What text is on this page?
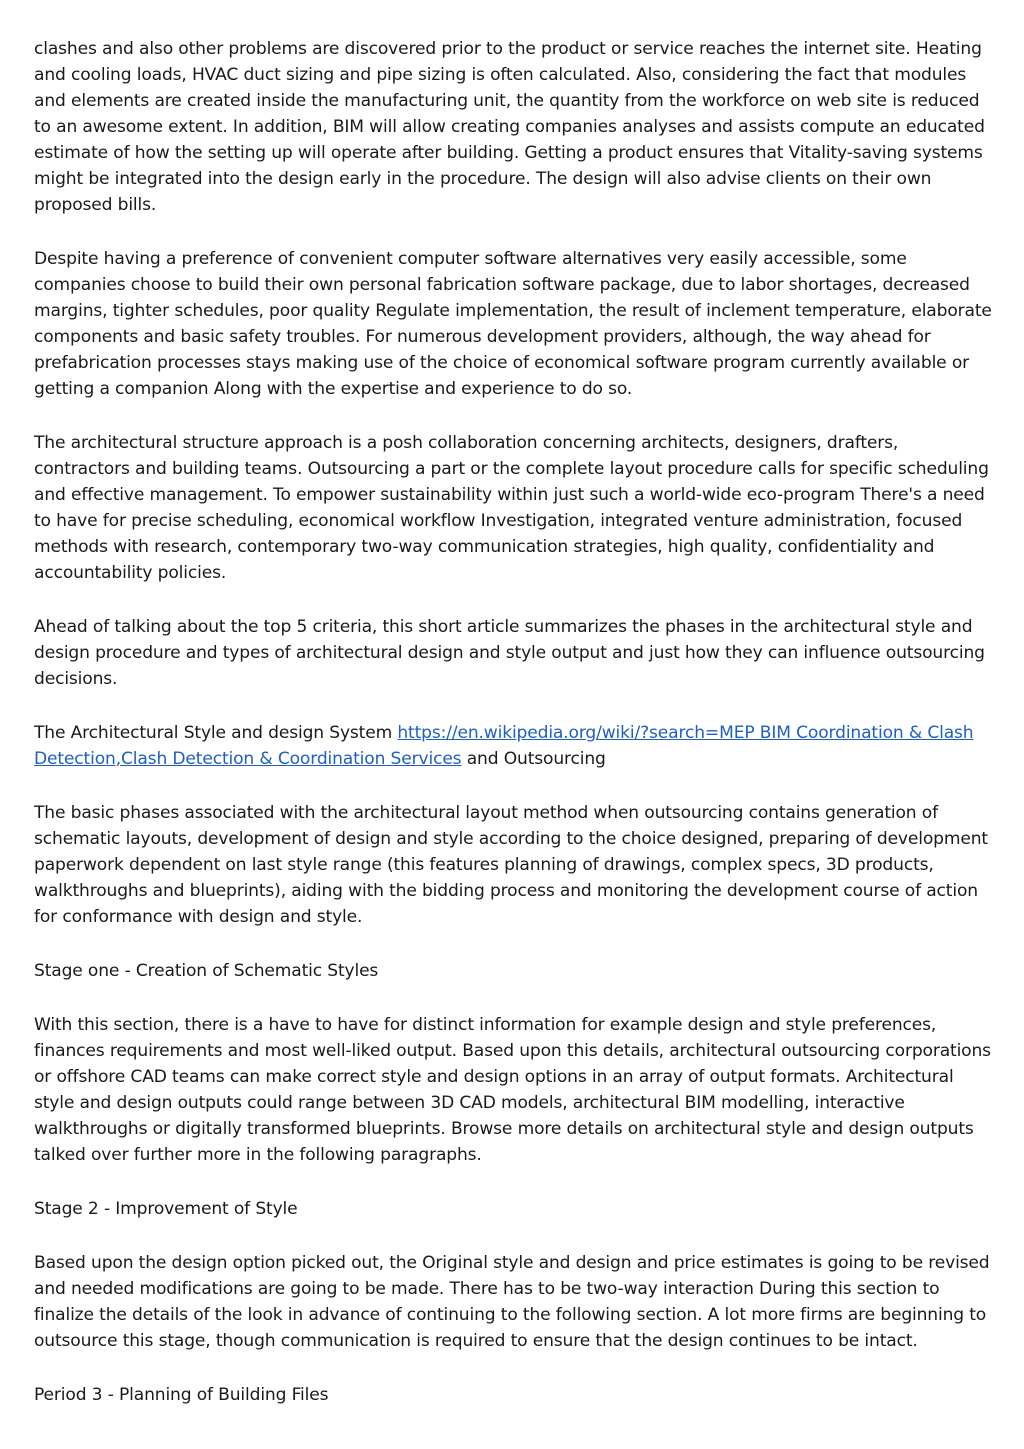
clashes and also other problems are discovered prior to the product or service reaches the internet site. Heating and cooling loads, HVAC duct sizing and pipe sizing is often calculated. Also, considering the fact that modules and elements are created inside the manufacturing unit, the quantity from the workforce on web site is reduced to an awesome extent. In addition, BIM will allow creating companies analyses and assists compute an educated estimate of how the setting up will operate after building. Getting a product ensures that Vitality-saving systems might be integrated into the design early in the procedure. The design will also advise clients on their own proposed bills.

Despite having a preference of convenient computer software alternatives very easily accessible, some companies choose to build their own personal fabrication software package, due to labor shortages, decreased margins, tighter schedules, poor quality Regulate implementation, the result of inclement temperature, elaborate components and basic safety troubles. For numerous development providers, although, the way ahead for prefabrication processes stays making use of the choice of economical software program currently available or getting a companion Along with the expertise and experience to do so.

The architectural structure approach is a posh collaboration concerning architects, designers, drafters, contractors and building teams. Outsourcing a part or the complete layout procedure calls for specific scheduling and effective management. To empower sustainability within just such a world-wide eco-program There's a need to have for precise scheduling, economical workflow Investigation, integrated venture administration, focused methods with research, contemporary two-way communication strategies, high quality, confidentiality and accountability policies.

Ahead of talking about the top 5 criteria, this short article summarizes the phases in the architectural style and design procedure and types of architectural design and style output and just how they can influence outsourcing decisions.

The Architectural Style and design System https://en.wikipedia.org/wiki/?search=MEP BIM Coordination & Clash Detection,Clash Detection & Coordination Services and Outsourcing

The basic phases associated with the architectural layout method when outsourcing contains generation of schematic layouts, development of design and style according to the choice designed, preparing of development paperwork dependent on last style range (this features planning of drawings, complex specs, 3D products, walkthroughs and blueprints), aiding with the bidding process and monitoring the development course of action for conformance with design and style.

Stage one - Creation of Schematic Styles

With this section, there is a have to have for distinct information for example design and style preferences, finances requirements and most well-liked output. Based upon this details, architectural outsourcing corporations or offshore CAD teams can make correct style and design options in an array of output formats. Architectural style and design outputs could range between 3D CAD models, architectural BIM modelling, interactive walkthroughs or digitally transformed blueprints. Browse more details on architectural style and design outputs talked over further more in the following paragraphs.

Stage 2 - Improvement of Style

Based upon the design option picked out, the Original style and design and price estimates is going to be revised and needed modifications are going to be made. There has to be two-way interaction During this section to finalize the details of the look in advance of continuing to the following section. A lot more firms are beginning to outsource this stage, though communication is required to ensure that the design continues to be intact.

Period 3 - Planning of Building Files
